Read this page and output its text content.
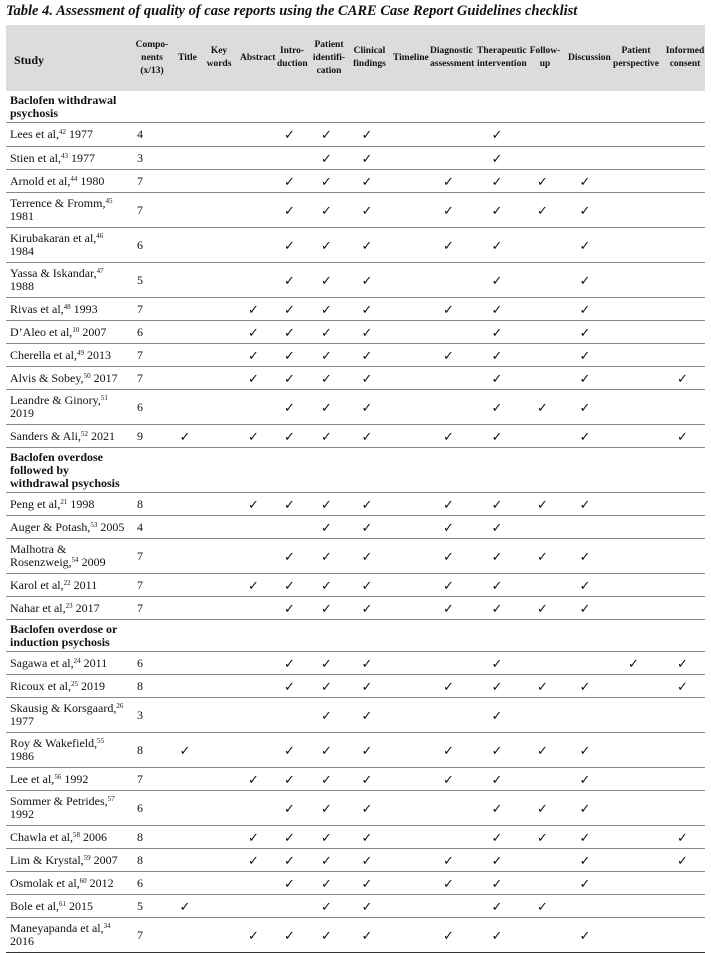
Table 4. Assessment of quality of case reports using the CARE Case Report Guidelines checklist
Study	Compo-nents (x/13)	Title	Key words	Abstract	Intro-duction	Patient identifi-cation	Clinical findings	Timeline	Diagnostic assessment	Therapeutic intervention	Follow-up	Discussion	Patient perspective	Informed consent
Baclofen withdrawal psychosis														
Lees et al,$^{42}$ 1977	4				✓	✓	✓			✓				
Stien et al,$^{43}$ 1977	3					✓	✓			✓				
Arnold et al,$^{44}$ 1980	7				✓	✓	✓		✓	✓	✓	✓		
Terrence & Fromm,$^{45}$ 1981	7				✓	✓	✓		✓	✓	✓	✓		
Kirubakaran et al,$^{46}$ 1984	6				✓	✓	✓		✓	✓		✓		
Yassa & Iskandar,$^{47}$ 1988	5				✓	✓	✓			✓		✓		
Rivas et al,$^{48}$ 1993	7			✓	✓	✓	✓		✓	✓		✓		
D’Aleo et al,$^{10}$ 2007	6			✓	✓	✓	✓			✓		✓		
Cherella et al,$^{49}$ 2013	7			✓	✓	✓	✓		✓	✓		✓		
Alvis & Sobey,$^{50}$ 2017	7			✓	✓	✓	✓			✓		✓		✓
Leandre & Ginory,$^{51}$ 2019	6				✓	✓	✓			✓	✓	✓		
Sanders & Ali,$^{52}$ 2021	9	✓		✓	✓	✓	✓		✓	✓		✓		✓
Baclofen overdose followed by withdrawal psychosis														
Peng et al,$^{21}$ 1998	8			✓	✓	✓	✓		✓	✓	✓	✓		
Auger & Potash,$^{53}$ 2005	4					✓	✓		✓	✓				
Malhotra & Rosenzweig,$^{54}$ 2009	7				✓	✓	✓		✓	✓	✓	✓		
Karol et al,$^{22}$ 2011	7			✓	✓	✓	✓		✓	✓		✓		
Nahar et al,$^{23}$ 2017	7				✓	✓	✓		✓	✓	✓	✓		
Baclofen overdose or induction psychosis														
Sagawa et al,$^{24}$ 2011	6				✓	✓	✓			✓			✓	✓
Ricoux et al,$^{25}$ 2019	8				✓	✓	✓		✓	✓	✓	✓		✓
Skausig & Korsgaard,$^{26}$ 1977	3					✓	✓			✓				
Roy & Wakefield,$^{55}$ 1986	8	✓			✓	✓	✓		✓	✓	✓	✓		
Lee et al,$^{56}$ 1992	7			✓	✓	✓	✓		✓	✓		✓		
Sommer & Petrides,$^{57}$ 1992	6				✓	✓	✓			✓	✓	✓		
Chawla et al,$^{58}$ 2006	8			✓	✓	✓	✓			✓	✓	✓		✓
Lim & Krystal,$^{59}$ 2007	8			✓	✓	✓	✓		✓	✓		✓		✓
Osmolak et al,$^{60}$ 2012	6				✓	✓	✓		✓	✓		✓		
Bole et al,$^{61}$ 2015	5	✓				✓	✓			✓	✓			
Maneyapanda et al,$^{34}$ 2016	7			✓	✓	✓	✓		✓	✓		✓		
